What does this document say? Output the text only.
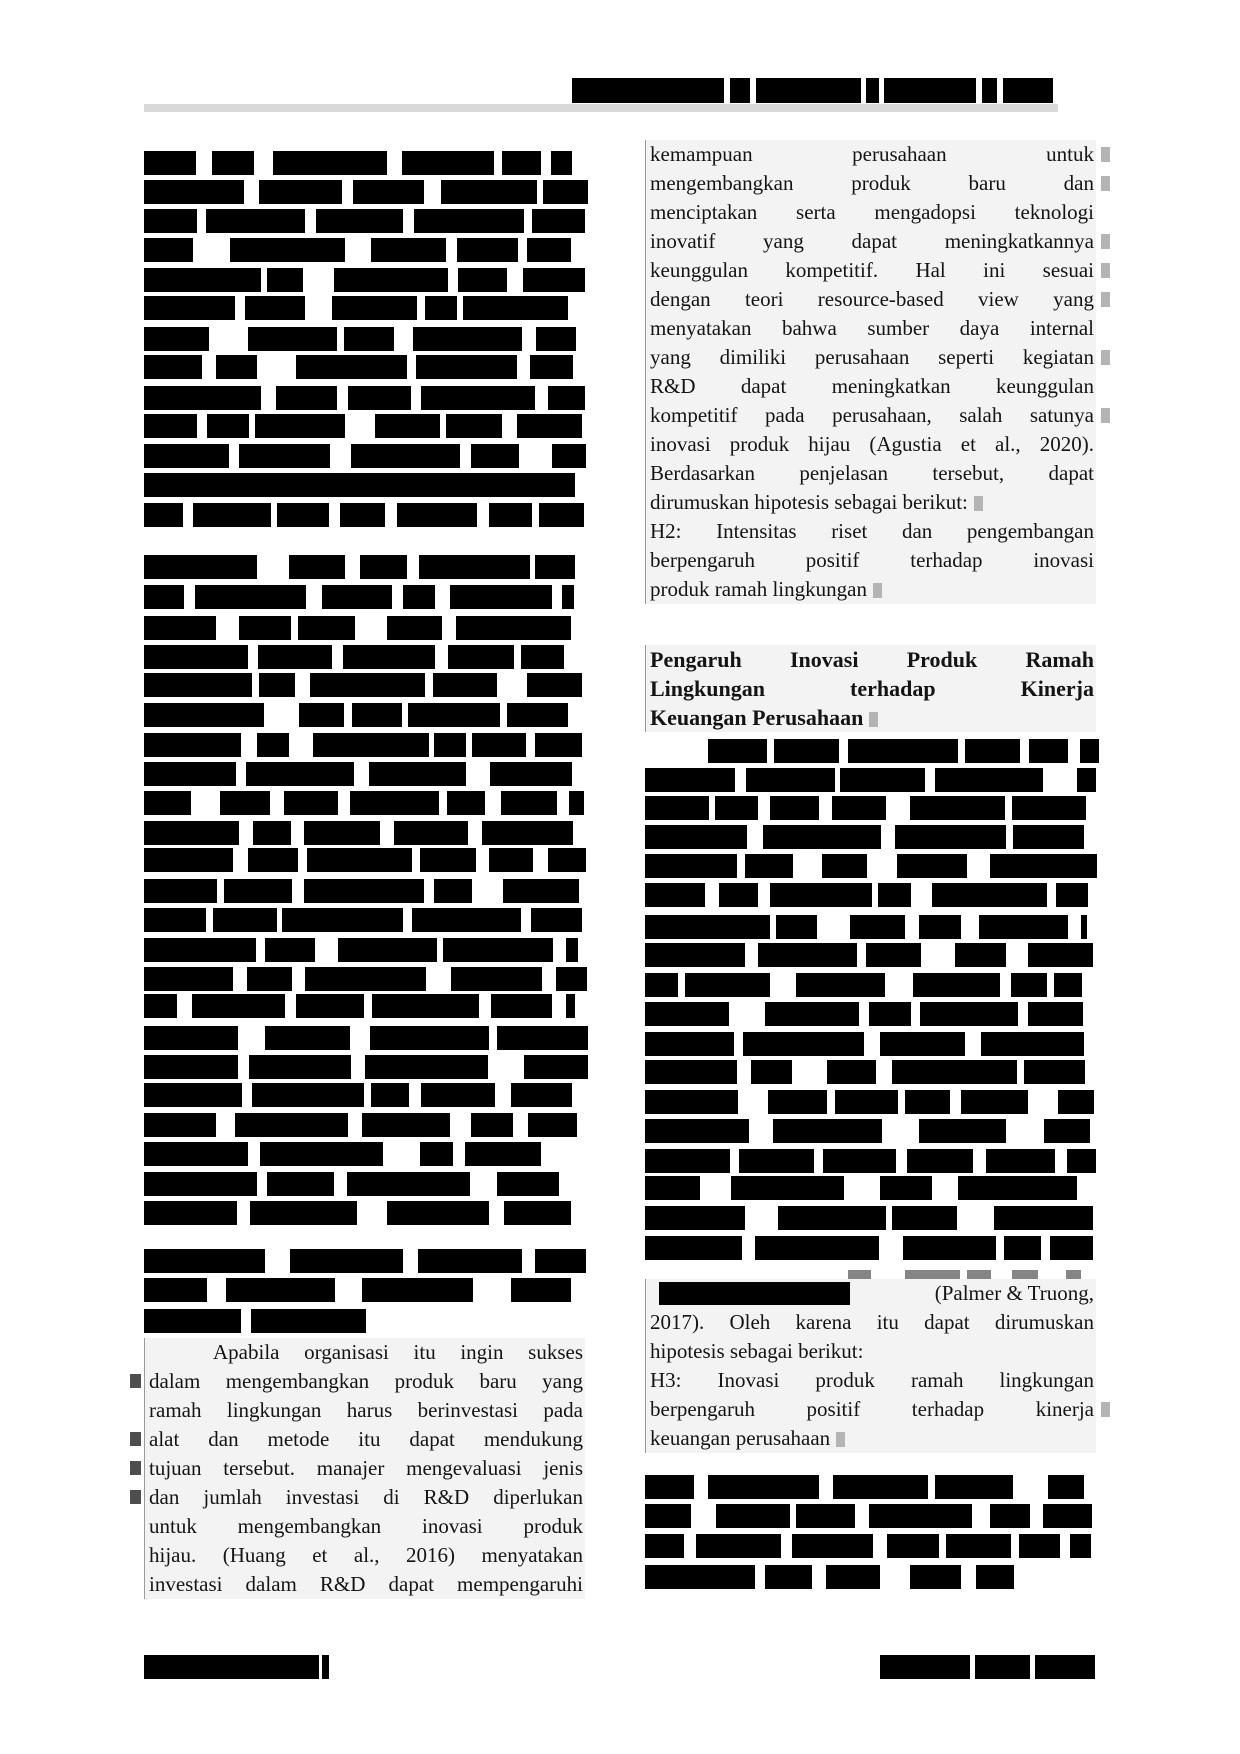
Apabila organisasi itu ingin sukses
dalam mengembangkan produk baru yang
ramah lingkungan harus berinvestasi pada
alat dan metode itu dapat mendukung
tujuan tersebut. manajer mengevaluasi jenis
dan jumlah investasi di R&D diperlukan
untuk mengembangkan inovasi produk
hijau. (Huang et al., 2016) menyatakan
investasi dalam R&D dapat mempengaruhi
kemampuan perusahaan untuk
mengembangkan produk baru dan
menciptakan serta mengadopsi teknologi
inovatif yang dapat meningkatkannya
keunggulan kompetitif. Hal ini sesuai
dengan teori resource-based view yang
menyatakan bahwa sumber daya internal
yang dimiliki perusahaan seperti kegiatan
R&D dapat meningkatkan keunggulan
kompetitif pada perusahaan, salah satunya
inovasi produk hijau (Agustia et al., 2020).
Berdasarkan penjelasan tersebut, dapat
dirumuskan hipotesis sebagai berikut:
H2: Intensitas riset dan pengembangan
berpengaruh positif terhadap inovasi
produk ramah lingkungan
Pengaruh Inovasi Produk Ramah
Lingkungan terhadap Kinerja
Keuangan Perusahaan
(Palmer & Truong,
2017). Oleh karena itu dapat dirumuskan
hipotesis sebagai berikut:
H3: Inovasi produk ramah lingkungan
berpengaruh positif terhadap kinerja
keuangan perusahaan
